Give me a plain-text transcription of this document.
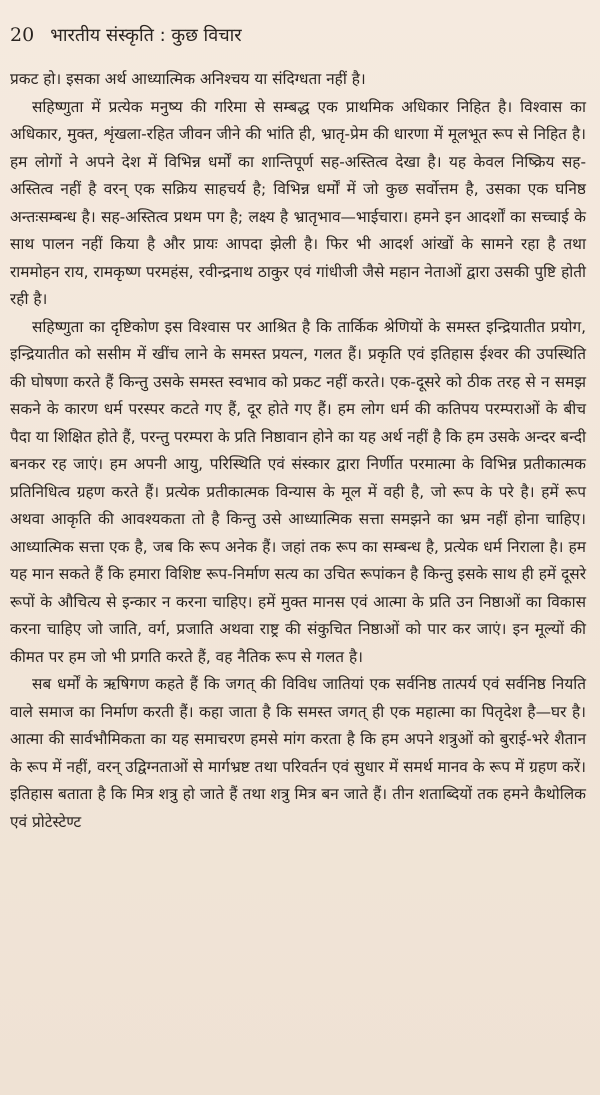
20 भारतीय संस्कृति : कुछ विचार

प्रकट हो। इसका अर्थ आध्यात्मिक अनिश्चय या संदिग्धता नहीं है।

सहिष्णुता में प्रत्येक मनुष्य की गरिमा से सम्बद्ध एक प्राथमिक अधिकार निहित है। विश्वास का अधिकार, मुक्त, शृंखला-रहित जीवन जीने की भांति ही, भ्रातृ-प्रेम की धारणा में मूलभूत रूप से निहित है। हम लोगों ने अपने देश में विभिन्न धर्मों का शान्तिपूर्ण सह-अस्तित्व देखा है। यह केवल निष्क्रिय सह-अस्तित्व नहीं है वरन् एक सक्रिय साहचर्य है; विभिन्न धर्मों में जो कुछ सर्वोत्तम है, उसका एक घनिष्ठ अन्तःसम्बन्ध है। सह-अस्तित्व प्रथम पग है; लक्ष्य है भ्रातृभाव—भाईचारा। हमने इन आदर्शों का सच्चाई के साथ पालन नहीं किया है और प्रायः आपदा झेली है। फिर भी आदर्श आंखों के सामने रहा है तथा राममोहन राय, रामकृष्ण परमहंस, रवीन्द्रनाथ ठाकुर एवं गांधीजी जैसे महान नेताओं द्वारा उसकी पुष्टि होती रही है।

सहिष्णुता का दृष्टिकोण इस विश्वास पर आश्रित है कि तार्किक श्रेणियों के समस्त इन्द्रियातीत प्रयोग, इन्द्रियातीत को ससीम में खींच लाने के समस्त प्रयत्न, गलत हैं। प्रकृति एवं इतिहास ईश्वर की उपस्थिति की घोषणा करते हैं किन्तु उसके समस्त स्वभाव को प्रकट नहीं करते। एक-दूसरे को ठीक तरह से न समझ सकने के कारण धर्म परस्पर कटते गए हैं, दूर होते गए हैं। हम लोग धर्म की कतिपय परम्पराओं के बीच पैदा या शिक्षित होते हैं, परन्तु परम्परा के प्रति निष्ठावान होने का यह अर्थ नहीं है कि हम उसके अन्दर बन्दी बनकर रह जाएं। हम अपनी आयु, परिस्थिति एवं संस्कार द्वारा निर्णीत परमात्मा के विभिन्न प्रतीकात्मक प्रतिनिधित्व ग्रहण करते हैं। प्रत्येक प्रतीकात्मक विन्यास के मूल में वही है, जो रूप के परे है। हमें रूप अथवा आकृति की आवश्यकता तो है किन्तु उसे आध्यात्मिक सत्ता समझने का भ्रम नहीं होना चाहिए। आध्यात्मिक सत्ता एक है, जब कि रूप अनेक हैं। जहां तक रूप का सम्बन्ध है, प्रत्येक धर्म निराला है। हम यह मान सकते हैं कि हमारा विशिष्ट रूप-निर्माण सत्य का उचित रूपांकन है किन्तु इसके साथ ही हमें दूसरे रूपों के औचित्य से इन्कार न करना चाहिए। हमें मुक्त मानस एवं आत्मा के प्रति उन निष्ठाओं का विकास करना चाहिए जो जाति, वर्ग, प्रजाति अथवा राष्ट्र की संकुचित निष्ठाओं को पार कर जाएं। इन मूल्यों की कीमत पर हम जो भी प्रगति करते हैं, वह नैतिक रूप से गलत है।

सब धर्मों के ऋषिगण कहते हैं कि जगत् की विविध जातियां एक सर्वनिष्ठ तात्पर्य एवं सर्वनिष्ठ नियति वाले समाज का निर्माण करती हैं। कहा जाता है कि समस्त जगत् ही एक महात्मा का पितृदेश है—घर है। आत्मा की सार्वभौमिकता का यह समाचरण हमसे मांग करता है कि हम अपने शत्रुओं को बुराई-भरे शैतान के रूप में नहीं, वरन् उद्विग्नताओं से मार्गभ्रष्ट तथा परिवर्तन एवं सुधार में समर्थ मानव के रूप में ग्रहण करें। इतिहास बताता है कि मित्र शत्रु हो जाते हैं तथा शत्रु मित्र बन जाते हैं। तीन शताब्दियों तक हमने कैथोलिक एवं प्रोटेस्टेण्ट
